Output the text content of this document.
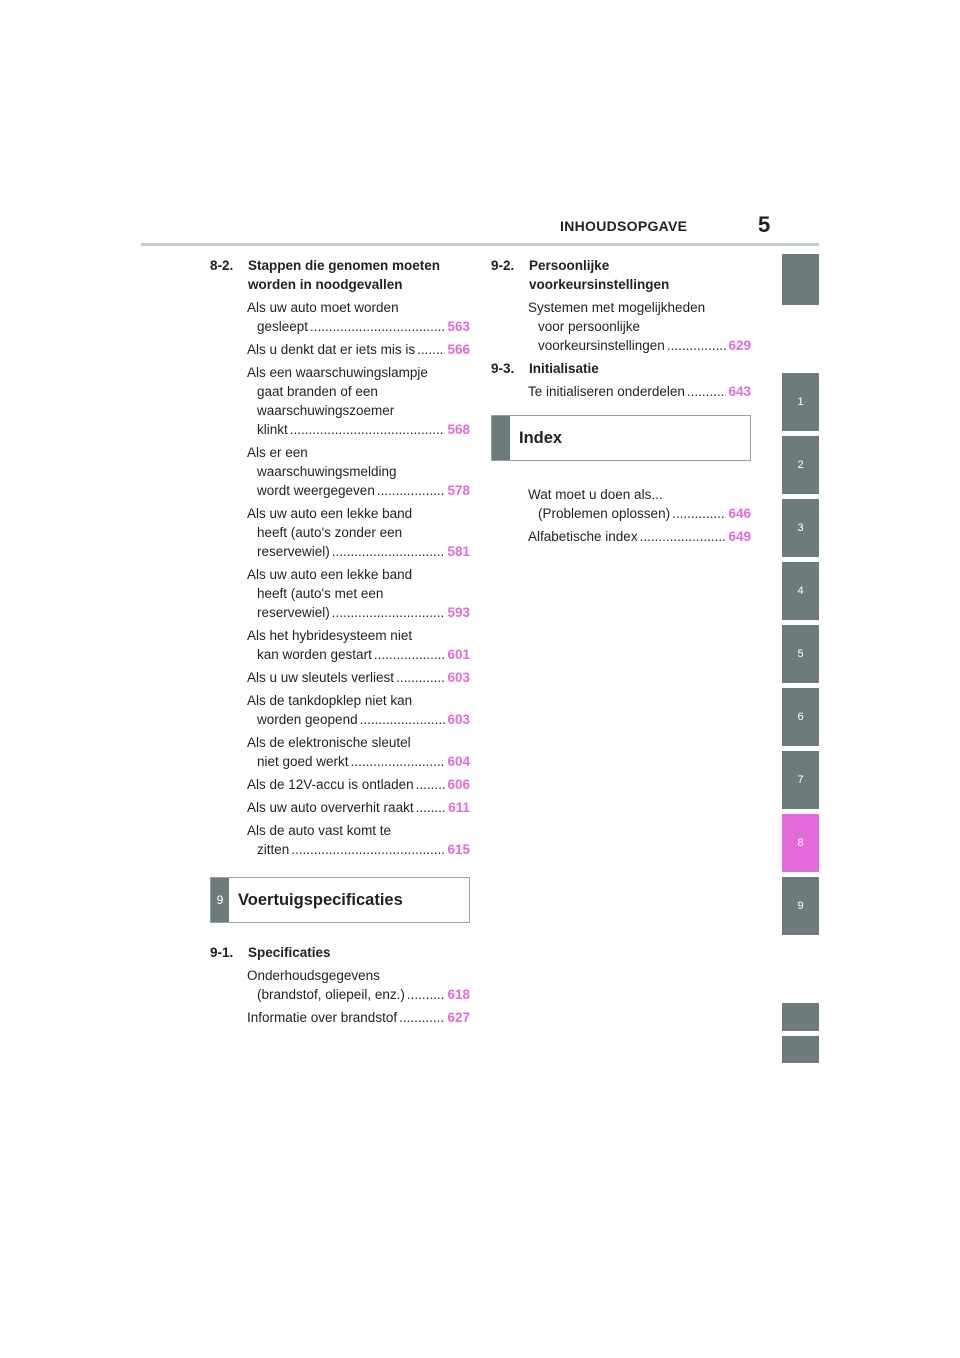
INHOUDSOPGAVE	5
8-2.	Stappen die genomen moeten worden in noodgevallen
Als uw auto moet worden
gesleept .....	563
Als u denkt dat er iets mis is ..... 566
Als een waarschuwingslampje
gaat branden of een
waarschuwingszoemer
klinkt .....	568
Als er een
waarschuwingsmelding
wordt weergegeven .....	578
Als uw auto een lekke band
heeft (auto's zonder een
reservewiel) .....	581
Als uw auto een lekke band
heeft (auto's met een
reservewiel) .....	593
Als het hybridesysteem niet
kan worden gestart .....	601
Als u uw sleutels verliest .....	603
Als de tankdopklep niet kan
worden geopend .....	603
Als de elektronische sleutel
niet goed werkt .....	604
Als de 12V-accu is ontladen .....	606
Als uw auto oververhit raakt .....	611
Als de auto vast komt te
zitten .....	615
9 Voertuigspecificaties
9-1.	Specificaties
Onderhoudsgegevens
(brandstof, oliepeil, enz.) .....	618
Informatie over brandstof .....	627
9-2.	Persoonlijke voorkeursinstellingen
Systemen met mogelijkheden
voor persoonlijke
voorkeursinstellingen .....	629
9-3.	Initialisatie
Te initialiseren onderdelen .....	643
Index
Wat moet u doen als...
(Problemen oplossen) .....	646
Alfabetische index .....	649
1
2
3
4
5
6
7
8
9
